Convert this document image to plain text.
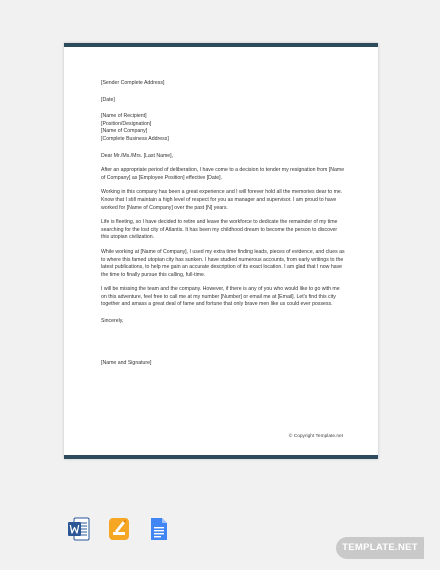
[Sender Complete Address]

[Date]

[Name of Recipient]

[Position/Designation]

[Name of Company]

[Complete Business Address]

Dear Mr./Ms./Mrs. [Last Name],

After an appropriate period of deliberation, I have come to a decision to tender my resignation from [Name of Company] as [Employee Position] effective [Date].

Working in this company has been a great experience and I will forever hold all the memories dear to me. Know that I still maintain a high level of respect for you as manager and supervisor. I am proud to have worked for [Name of Company] over the past [N] years.

Life is fleeting, so I have decided to retire and leave the workforce to dedicate the remainder of my time searching for the lost city of Atlantis. It has been my childhood dream to become the person to discover this utopian civilization.

While working at [Name of Company], I used my extra time finding leads, pieces of evidence, and clues as to where this famed utopian city has sunken. I have studied numerous accounts, from early writings to the latest publications, to help me gain an accurate description of its exact location. I am glad that I now have the time to finally pursue this calling, full-time.

I will be missing the team and the company. However, if there is any of you who would like to go with me on this adventure, feel free to call me at my number [Number] or email me at [Email]. Let's find this city together and amass a great deal of fame and fortune that only brave men like us could ever possess.

Sincerely,

[Name and Signature]

© Copyright Template.net
TEMPLATE.NET
